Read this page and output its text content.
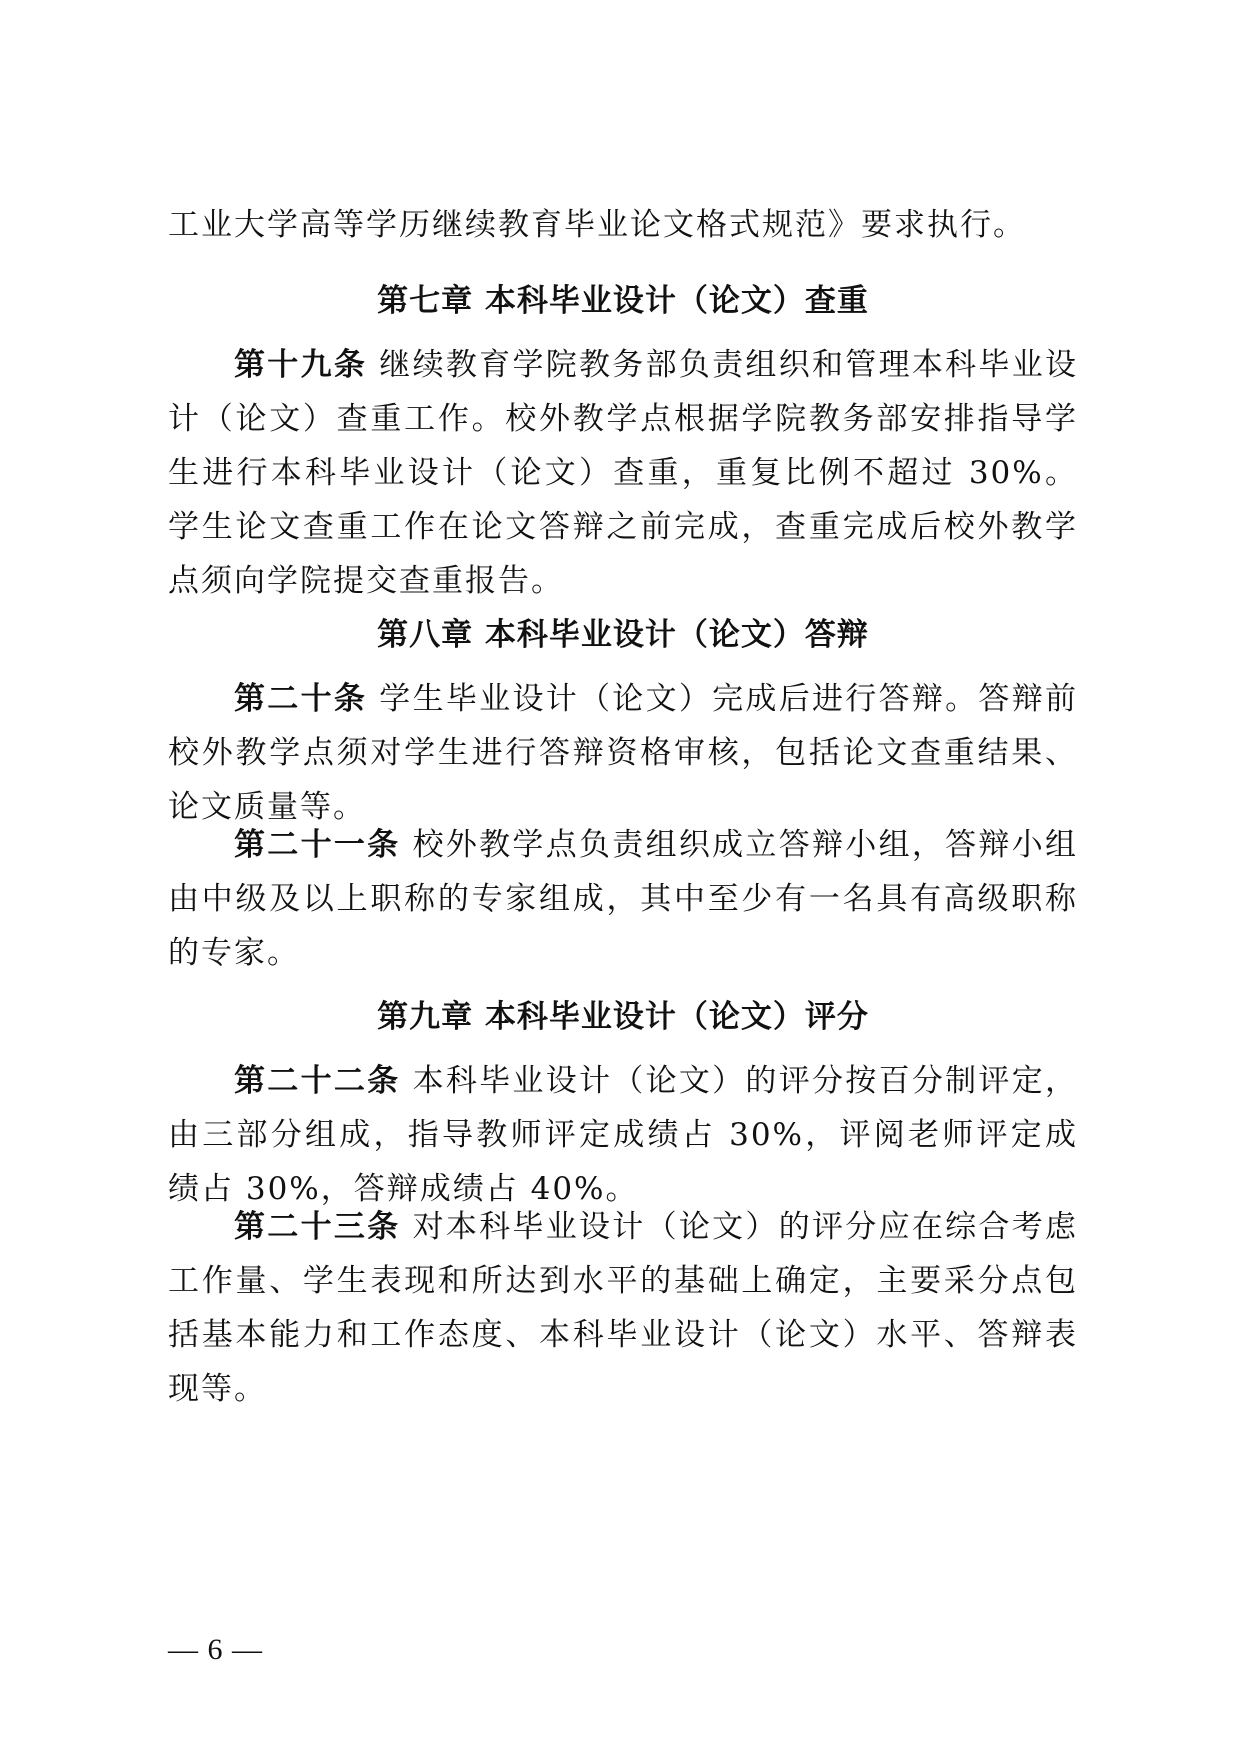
工业大学高等学历继续教育毕业论文格式规范》要求执行。
第七章 本科毕业设计（论文）查重

第十九条 继续教育学院教务部负责组织和管理本科毕业设计（论文）查重工作。校外教学点根据学院教务部安排指导学生进行本科毕业设计（论文）查重，重复比例不超过 30%。学生论文查重工作在论文答辩之前完成，查重完成后校外教学点须向学院提交查重报告。

第八章 本科毕业设计（论文）答辩

第二十条 学生毕业设计（论文）完成后进行答辩。答辩前校外教学点须对学生进行答辩资格审核，包括论文查重结果、论文质量等。

第二十一条 校外教学点负责组织成立答辩小组，答辩小组由中级及以上职称的专家组成，其中至少有一名具有高级职称的专家。

第九章 本科毕业设计（论文）评分

第二十二条 本科毕业设计（论文）的评分按百分制评定，由三部分组成，指导教师评定成绩占 30%，评阅老师评定成绩占 30%，答辩成绩占 40%。

第二十三条 对本科毕业设计（论文）的评分应在综合考虑工作量、学生表现和所达到水平的基础上确定，主要采分点包括基本能力和工作态度、本科毕业设计（论文）水平、答辩表现等。

— 6 —
